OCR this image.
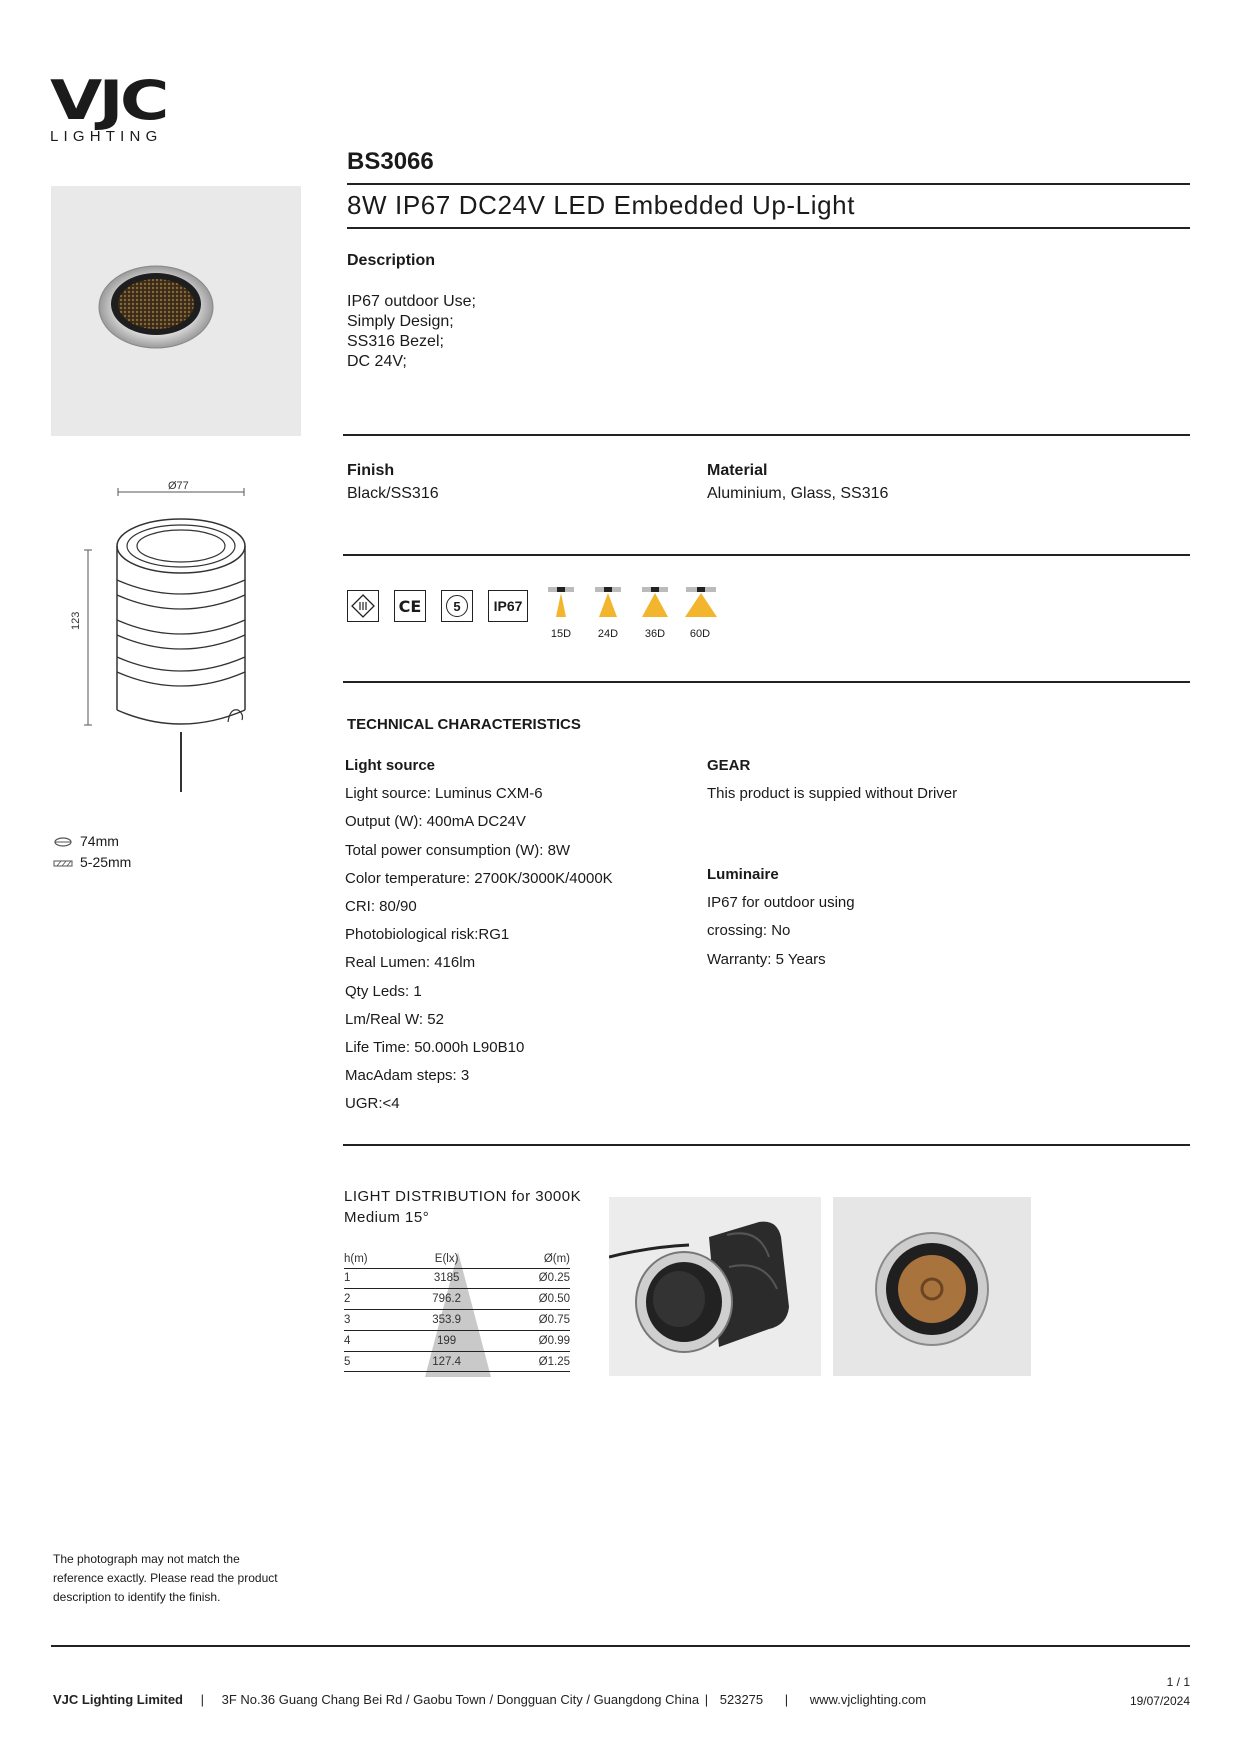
VJC
LIGHTING
BS3066
8W IP67 DC24V LED Embedded Up-Light
Ø77
123
74mm
5-25mm
Description
IP67 outdoor Use;
Simply Design;
SS316 Bezel;
DC 24V;
Finish
Black/SS316
Material
Aluminium, Glass, SS316
CE	5	IP67
15D	24D	36D	60D
TECHNICAL CHARACTERISTICS
Light source
Light source: Luminus CXM-6
Output (W): 400mA DC24V
Total power consumption (W): 8W
Color temperature: 2700K/3000K/4000K
CRI: 80/90
Photobiological risk:RG1
Real Lumen: 416lm
Qty Leds: 1
Lm/Real W: 52
Life Time: 50.000h L90B10
MacAdam steps: 3
UGR:<4
GEAR
This product is suppied without Driver
Luminaire
IP67 for outdoor using
crossing: No
Warranty: 5 Years
LIGHT DISTRIBUTION for 3000K
Medium 15°
h(m)	E(lx)	Ø(m)
1	3185	Ø0.25
2	796.2	Ø0.50
3	353.9	Ø0.75
4	199	Ø0.99
5	127.4	Ø1.25
The photograph may not match the reference exactly. Please read the product description to identify the finish.
VJC Lighting Limited | 3F No.36 Guang Chang Bei Rd / Gaobu Town / Dongguan City / Guangdong China | 523275 | www.vjclighting.com
1 / 1
19/07/2024
